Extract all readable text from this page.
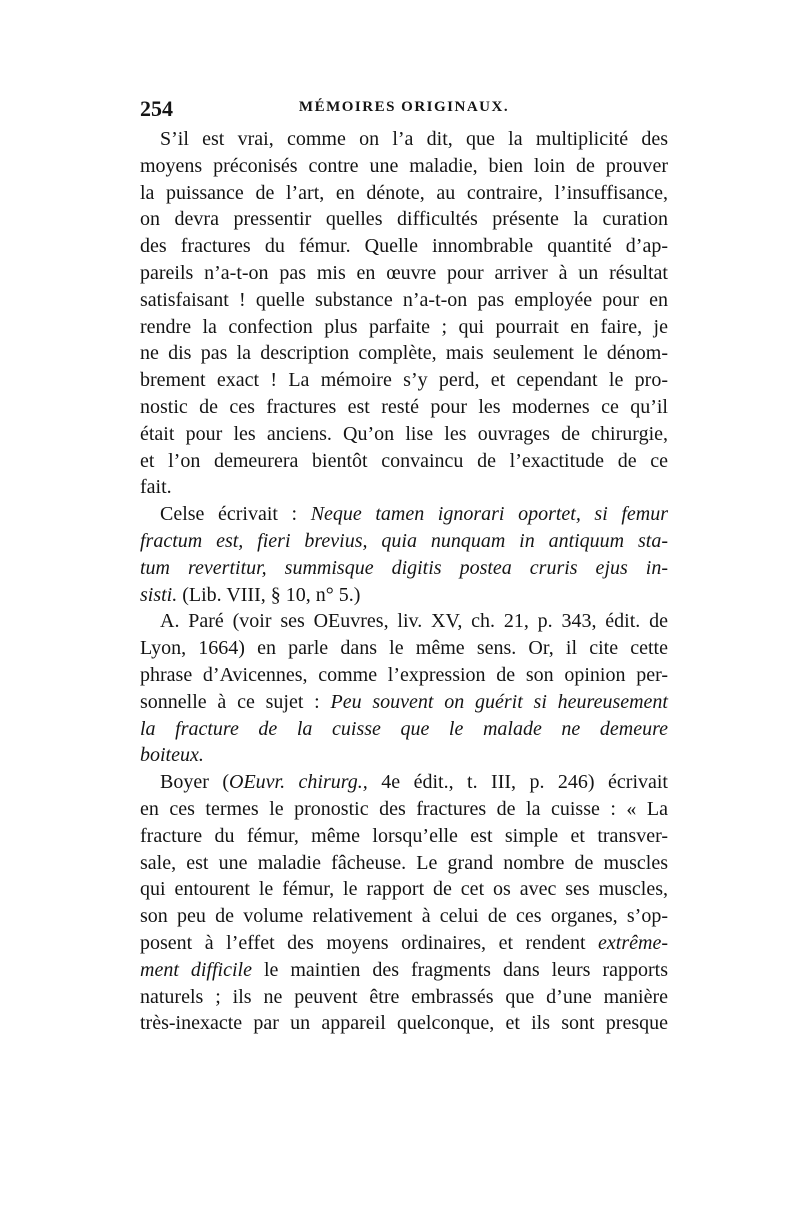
254	MÉMOIRES ORIGINAUX.
S’il est vrai, comme on l’a dit, que la multiplicité des
moyens préconisés contre une maladie, bien loin de prouver
la puissance de l’art, en dénote, au contraire, l’insuffisance,
on devra pressentir quelles difficultés présente la curation
des fractures du fémur. Quelle innombrable quantité d’ap-
pareils n’a-t-on pas mis en œuvre pour arriver à un résultat
satisfaisant ! quelle substance n’a-t-on pas employée pour en
rendre la confection plus parfaite ; qui pourrait en faire, je
ne dis pas la description complète, mais seulement le dénom-
brement exact ! La mémoire s’y perd, et cependant le pro-
nostic de ces fractures est resté pour les modernes ce qu’il
était pour les anciens. Qu’on lise les ouvrages de chirurgie,
et l’on demeurera bientôt convaincu de l’exactitude de ce
fait.
Celse écrivait : Neque tamen ignorari oportet, si femur
fractum est, fieri brevius, quia nunquam in antiquum sta-
tum revertitur, summisque digitis postea cruris ejus in-
sisti. (Lib. VIII, § 10, n° 5.)
A. Paré (voir ses OEuvres, liv. XV, ch. 21, p. 343, édit. de
Lyon, 1664) en parle dans le même sens. Or, il cite cette
phrase d’Avicennes, comme l’expression de son opinion per-
sonnelle à ce sujet : Peu souvent on guérit si heureusement
la fracture de la cuisse que le malade ne demeure
boiteux.
Boyer (OEuvr. chirurg., 4e édit., t. III, p. 246) écrivait
en ces termes le pronostic des fractures de la cuisse : « La
fracture du fémur, même lorsqu’elle est simple et transver-
sale, est une maladie fâcheuse. Le grand nombre de muscles
qui entourent le fémur, le rapport de cet os avec ses muscles,
son peu de volume relativement à celui de ces organes, s’op-
posent à l’effet des moyens ordinaires, et rendent extrême-
ment difficile le maintien des fragments dans leurs rapports
naturels ; ils ne peuvent être embrassés que d’une manière
très-inexacte par un appareil quelconque, et ils sont presque
